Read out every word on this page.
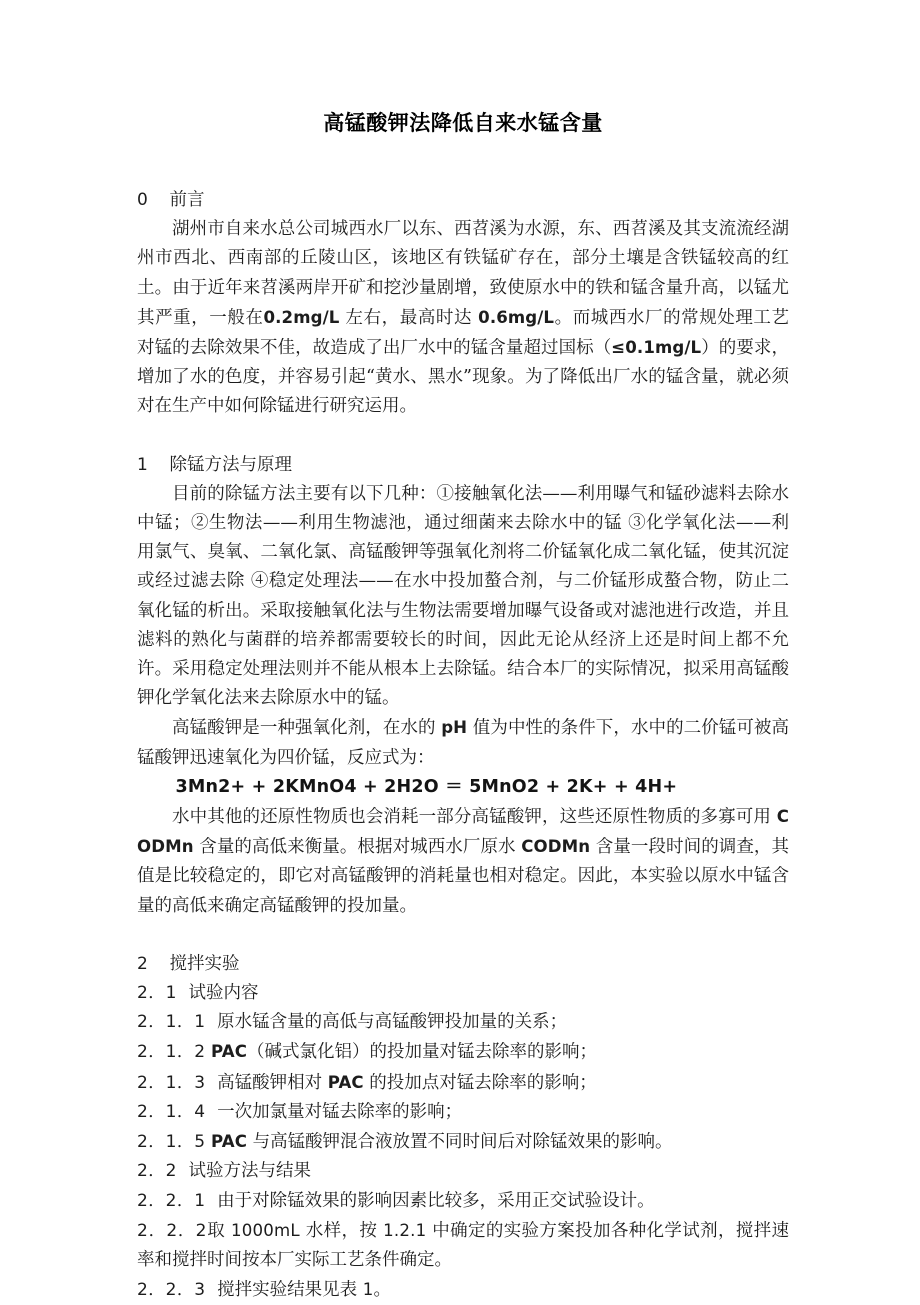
高锰酸钾法降低自来水锰含量
0 前言

湖州市自来水总公司城西水厂以东、西苕溪为水源，东、西苕溪及其支流流经湖州市西北、西南部的丘陵山区，该地区有铁锰矿存在，部分土壤是含铁锰较高的红土。由于近年来苕溪两岸开矿和挖沙量剧增，致使原水中的铁和锰含量升高，以锰尤其严重，一般在0.2mg/L 左右，最高时达 0.6mg/L。而城西水厂的常规处理工艺对锰的去除效果不佳，故造成了出厂水中的锰含量超过国标（≤0.1mg/L）的要求，增加了水的色度，并容易引起“黄水、黑水”现象。为了降低出厂水的锰含量，就必须对在生产中如何除锰进行研究运用。

1 除锰方法与原理

目前的除锰方法主要有以下几种：①接触氧化法——利用曝气和锰砂滤料去除水中锰；②生物法——利用生物滤池，通过细菌来去除水中的锰 ③化学氧化法——利用氯气、臭氧、二氧化氯、高锰酸钾等强氧化剂将二价锰氧化成二氧化锰，使其沉淀或经过滤去除 ④稳定处理法——在水中投加螯合剂，与二价锰形成螯合物，防止二氧化锰的析出。采取接触氧化法与生物法需要增加曝气设备或对滤池进行改造，并且滤料的熟化与菌群的培养都需要较长的时间，因此无论从经济上还是时间上都不允许。采用稳定处理法则并不能从根本上去除锰。结合本厂的实际情况，拟采用高锰酸钾化学氧化法来去除原水中的锰。

高锰酸钾是一种强氧化剂，在水的 pH 值为中性的条件下，水中的二价锰可被高锰酸钾迅速氧化为四价锰，反应式为：

3Mn2+ + 2KMnO4 + 2H2O ＝ 5MnO2 + 2K+ + 4H+

水中其他的还原性物质也会消耗一部分高锰酸钾，这些还原性物质的多寡可用 CODMn 含量的高低来衡量。根据对城西水厂原水 CODMn 含量一段时间的调查，其值是比较稳定的，即它对高锰酸钾的消耗量也相对稳定。因此，本实验以原水中锰含量的高低来确定高锰酸钾的投加量。

2 搅拌实验
2．1 试验内容
2．1．1 原水锰含量的高低与高锰酸钾投加量的关系；
2．1．2 PAC（碱式氯化铝）的投加量对锰去除率的影响；
2．1．3 高锰酸钾相对 PAC 的投加点对锰去除率的影响；
2．1．4 一次加氯量对锰去除率的影响；
2．1．5 PAC 与高锰酸钾混合液放置不同时间后对除锰效果的影响。
2．2 试验方法与结果
2．2．1 由于对除锰效果的影响因素比较多，采用正交试验设计。
2．2．2取 1000mL 水样，按 1.2.1 中确定的实验方案投加各种化学试剂，搅拌速率和搅拌时间按本厂实际工艺条件确定。
2．2．3 搅拌实验结果见表 1。
